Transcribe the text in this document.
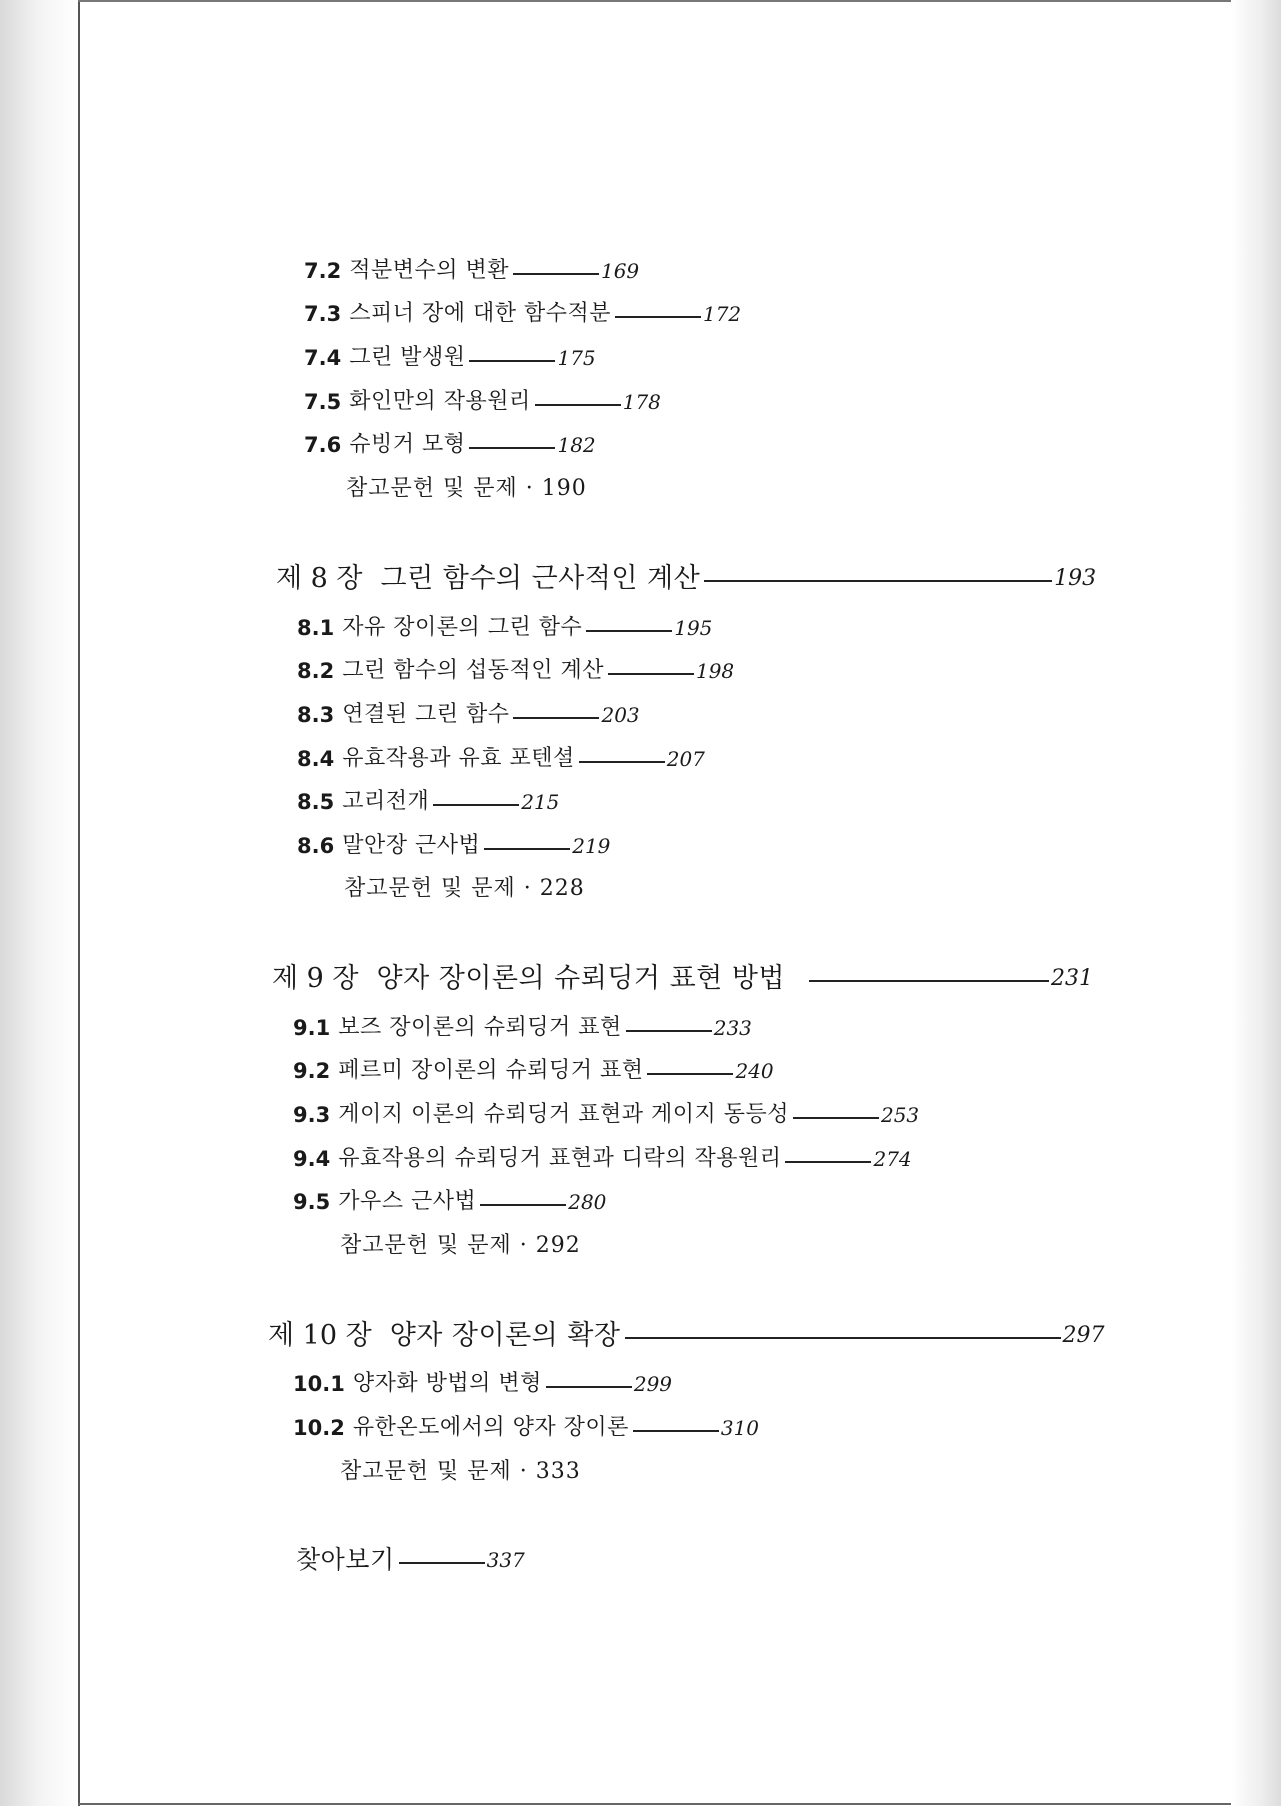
7.2 적분변수의 변환	169
7.3 스피너 장에 대한 함수적분	172
7.4 그린 발생원	175
7.5 화인만의 작용원리	178
7.6 슈빙거 모형	182
참고문헌 및 문제 · 190
제 8 장 그린 함수의 근사적인 계산	193
8.1 자유 장이론의 그린 함수	195
8.2 그린 함수의 섭동적인 계산	198
8.3 연결된 그린 함수	203
8.4 유효작용과 유효 포텐셜	207
8.5 고리전개	215
8.6 말안장 근사법	219
참고문헌 및 문제 · 228
제 9 장 양자 장이론의 슈뢰딩거 표현 방법	231
9.1 보즈 장이론의 슈뢰딩거 표현	233
9.2 페르미 장이론의 슈뢰딩거 표현	240
9.3 게이지 이론의 슈뢰딩거 표현과 게이지 동등성	253
9.4 유효작용의 슈뢰딩거 표현과 디락의 작용원리	274
9.5 가우스 근사법	280
참고문헌 및 문제 · 292
제 10 장 양자 장이론의 확장	297
10.1 양자화 방법의 변형	299
10.2 유한온도에서의 양자 장이론	310
참고문헌 및 문제 · 333
찾아보기	337
